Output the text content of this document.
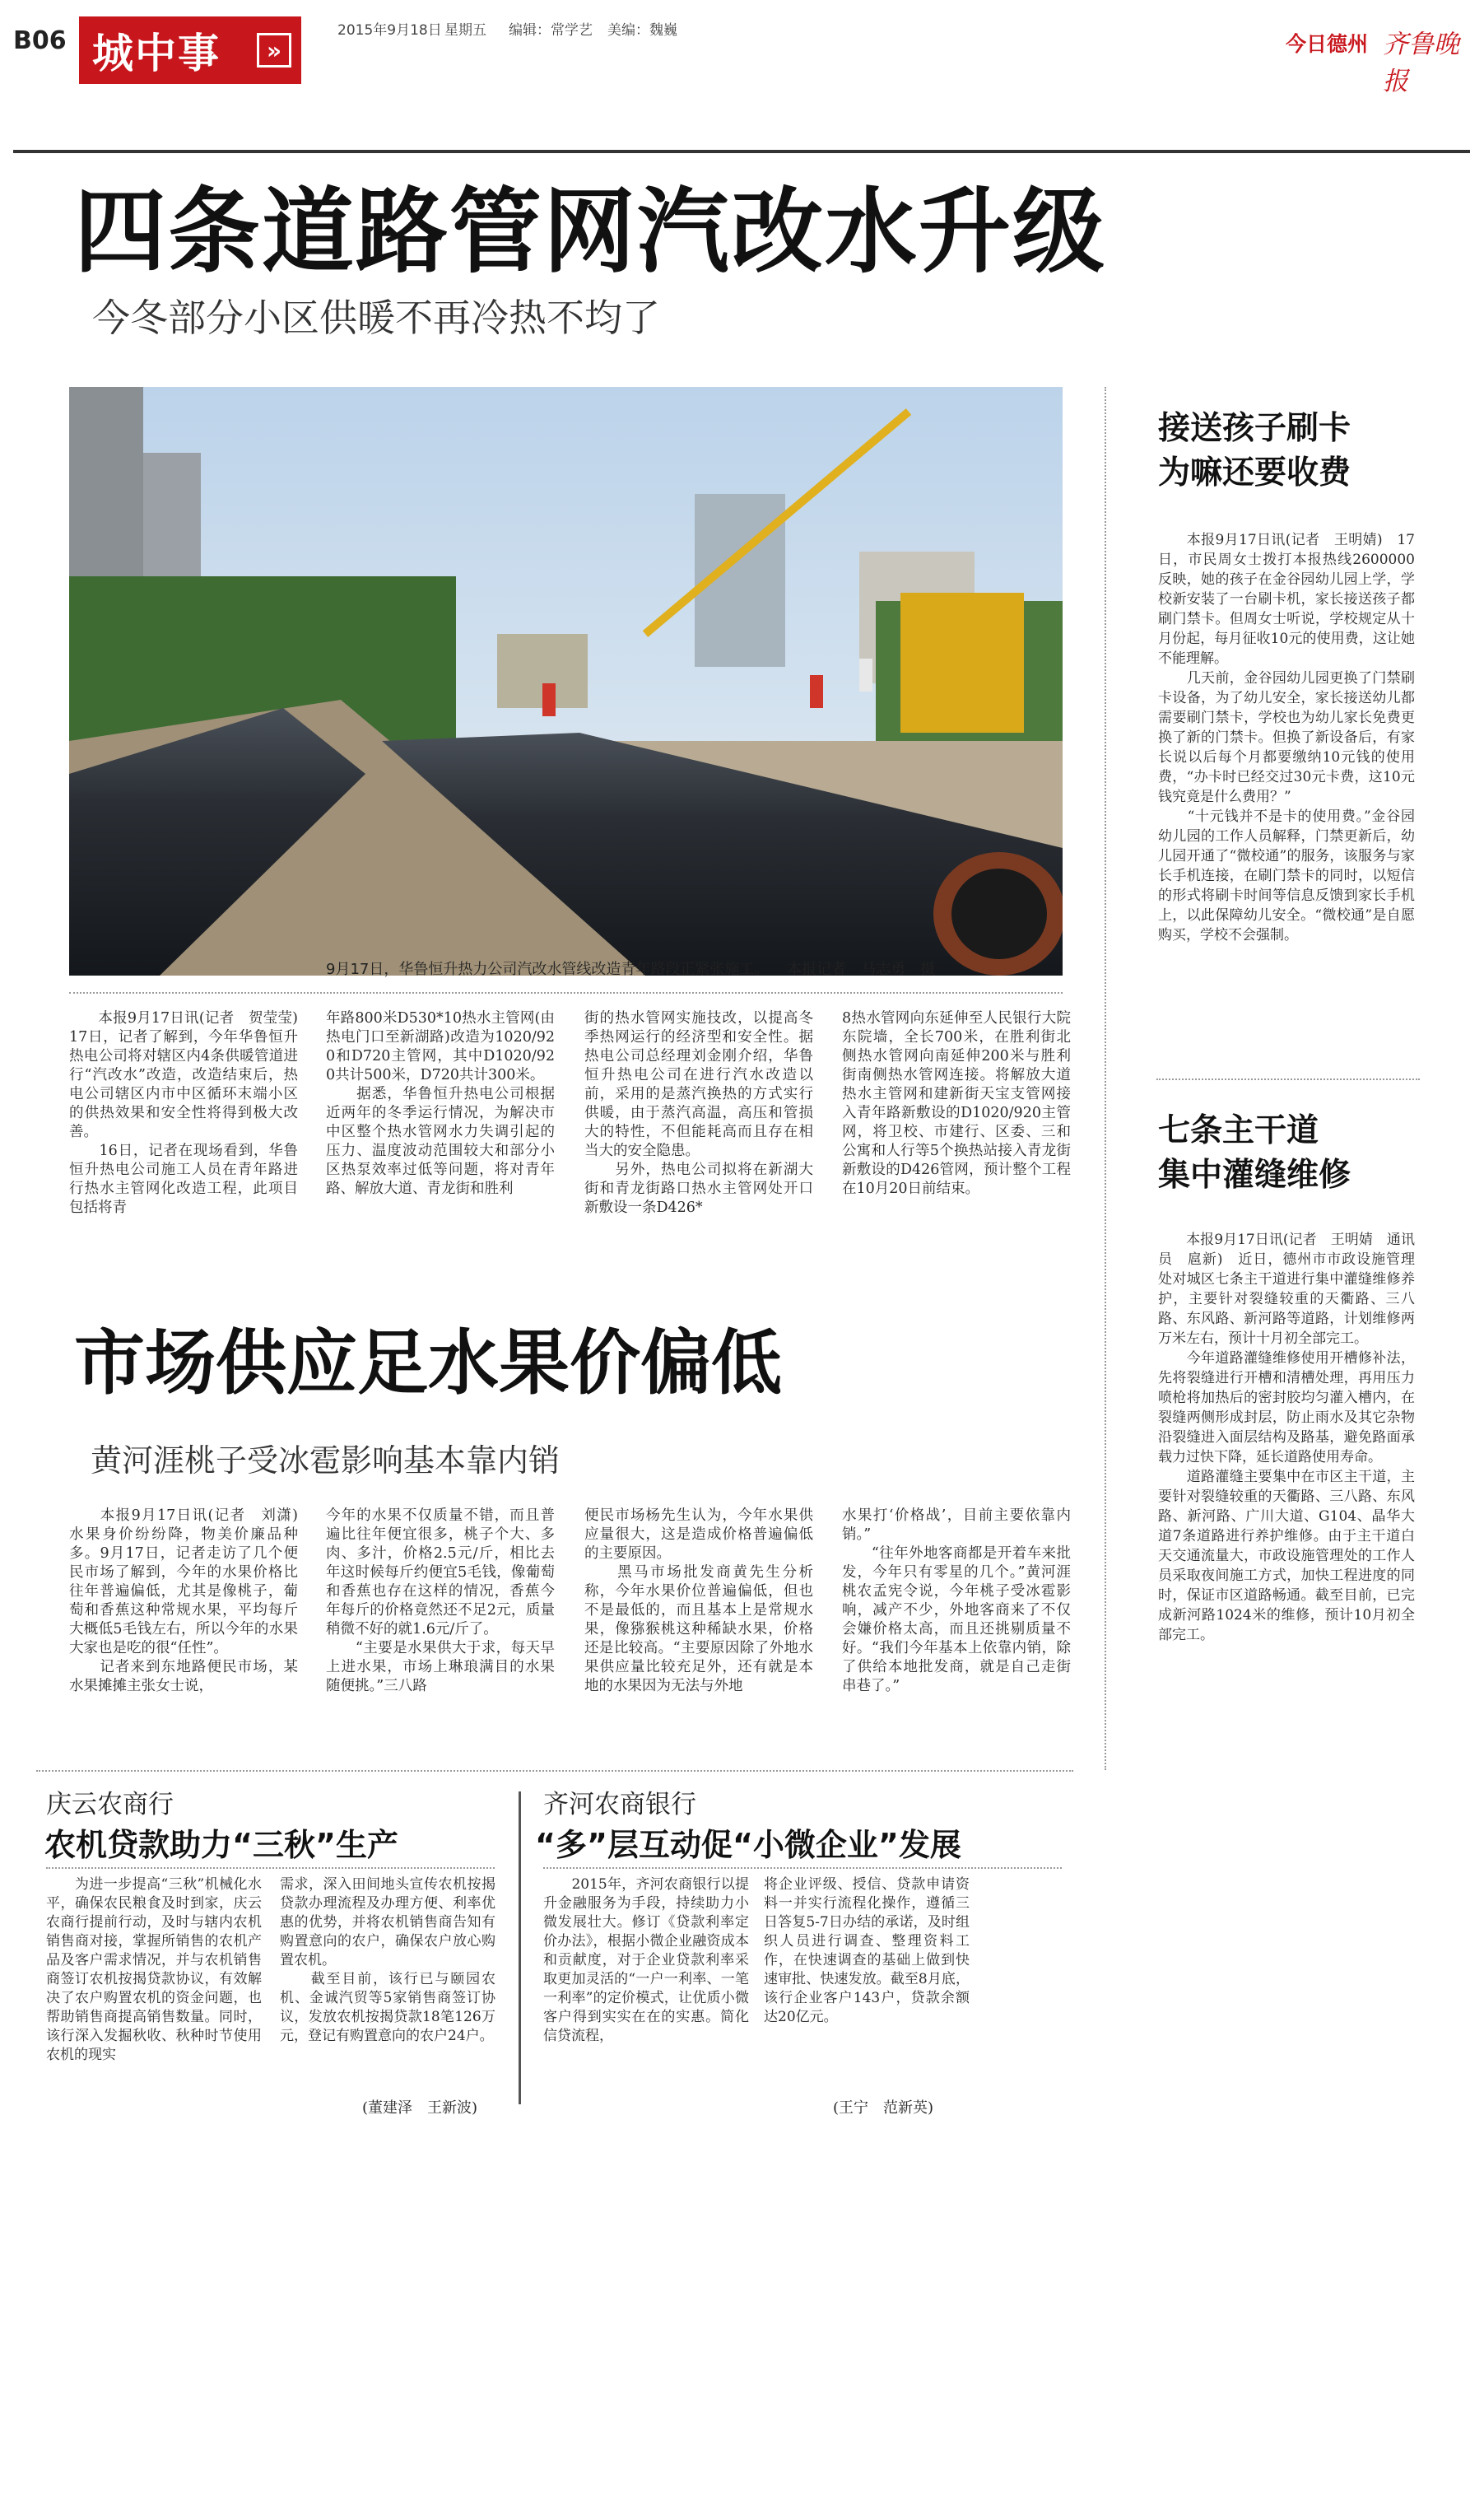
B06 城中事	»
2015年9月18日 星期五 编辑：常学艺 美编：魏巍
今日德州 齐鲁晚报
四条道路管网汽改水升级
今冬部分小区供暖不再冷热不均了
9月17日，华鲁恒升热力公司汽改水管线改造青年路段正紧张施工。 本报记者　马志勇　摄
　　本报9月17日讯(记者　贺莹莹)　17日，记者了解到，今年华鲁恒升热电公司将对辖区内4条供暖管道进行“汽改水”改造，改造结束后，热电公司辖区内市中区循环末端小区的供热效果和安全性将得到极大改善。
　　16日，记者在现场看到，华鲁恒升热电公司施工人员在青年路进行热水主管网化改造工程，此项目包括将青
年路800米D530*10热水主管网(由热电门口至新湖路)改造为1020/920和D720主管网，其中D1020/920共计500米，D720共计300米。
　　据悉，华鲁恒升热电公司根据近两年的冬季运行情况，为解决市中区整个热水管网水力失调引起的压力、温度波动范围较大和部分小区热泵效率过低等问题，将对青年路、解放大道、青龙街和胜利
街的热水管网实施技改，以提高冬季热网运行的经济型和安全性。据热电公司总经理刘金刚介绍，华鲁恒升热电公司在进行汽水改造以前，采用的是蒸汽换热的方式实行供暖，由于蒸汽高温，高压和管损大的特性，不但能耗高而且存在相当大的安全隐患。
　　另外，热电公司拟将在新湖大街和青龙街路口热水主管网处开口新敷设一条D426*
8热水管网向东延伸至人民银行大院东院墙，全长700米，在胜利街北侧热水管网向南延伸200米与胜利街南侧热水管网连接。将解放大道热水主管网和建新街天宝支管网接入青年路新敷设的D1020/920主管网，将卫校、市建行、区委、三和公寓和人行等5个换热站接入青龙街新敷设的D426管网，预计整个工程在10月20日前结束。
市场供应足水果价偏低
黄河涯桃子受冰雹影响基本靠内销
　　本报9月17日讯(记者　刘潇)　水果身价纷纷降，物美价廉品种多。9月17日，记者走访了几个便民市场了解到，今年的水果价格比往年普遍偏低，尤其是像桃子，葡萄和香蕉这种常规水果，平均每斤大概低5毛钱左右，所以今年的水果大家也是吃的很“任性”。
　　记者来到东地路便民市场，某水果摊摊主张女士说，
今年的水果不仅质量不错，而且普遍比往年便宜很多，桃子个大、多肉、多汁，价格2.5元/斤，相比去年这时候每斤约便宜5毛钱，像葡萄和香蕉也存在这样的情况，香蕉今年每斤的价格竟然还不足2元，质量稍微不好的就1.6元/斤了。
　　“主要是水果供大于求，每天早上进水果，市场上琳琅满目的水果随便挑。”三八路
便民市场杨先生认为，今年水果供应量很大，这是造成价格普遍偏低的主要原因。
　　黑马市场批发商黄先生分析称，今年水果价位普遍偏低，但也不是最低的，而且基本上是常规水果，像猕猴桃这种稀缺水果，价格还是比较高。“主要原因除了外地水果供应量比较充足外，还有就是本地的水果因为无法与外地
水果打‘价格战’，目前主要依靠内销。”
　　“往年外地客商都是开着车来批发，今年只有零星的几个。”黄河涯桃农孟宪令说，今年桃子受冰雹影响，减产不少，外地客商来了不仅会嫌价格太高，而且还挑剔质量不好。“我们今年基本上依靠内销，除了供给本地批发商，就是自己走街串巷了。”
接送孩子刷卡
为嘛还要收费
　　本报9月17日讯(记者　王明婧)　17日，市民周女士拨打本报热线2600000反映，她的孩子在金谷园幼儿园上学，学校新安装了一台刷卡机，家长接送孩子都刷门禁卡。但周女士听说，学校规定从十月份起，每月征收10元的使用费，这让她不能理解。
　　几天前，金谷园幼儿园更换了门禁刷卡设备，为了幼儿安全，家长接送幼儿都需要刷门禁卡，学校也为幼儿家长免费更换了新的门禁卡。但换了新设备后，有家长说以后每个月都要缴纳10元钱的使用费，“办卡时已经交过30元卡费，这10元钱究竟是什么费用？”
　　“十元钱并不是卡的使用费。”金谷园幼儿园的工作人员解释，门禁更新后，幼儿园开通了“微校通”的服务，该服务与家长手机连接，在刷门禁卡的同时，以短信的形式将刷卡时间等信息反馈到家长手机上，以此保障幼儿安全。“微校通”是自愿购买，学校不会强制。
七条主干道
集中灌缝维修
　　本报9月17日讯(记者　王明婧　通讯员　扈新)　近日，德州市市政设施管理处对城区七条主干道进行集中灌缝维修养护，主要针对裂缝较重的天衢路、三八路、东风路、新河路等道路，计划维修两万米左右，预计十月初全部完工。
　　今年道路灌缝维修使用开槽修补法，先将裂缝进行开槽和清槽处理，再用压力喷枪将加热后的密封胶均匀灌入槽内，在裂缝两侧形成封层，防止雨水及其它杂物沿裂缝进入面层结构及路基，避免路面承载力过快下降，延长道路使用寿命。
　　道路灌缝主要集中在市区主干道，主要针对裂缝较重的天衢路、三八路、东风路、新河路、广川大道、G104、晶华大道7条道路进行养护维修。由于主干道白天交通流量大，市政设施管理处的工作人员采取夜间施工方式，加快工程进度的同时，保证市区道路畅通。截至目前，已完成新河路1024米的维修，预计10月初全部完工。
庆云农商行
农机贷款助力“三秋”生产
　　为进一步提高“三秋”机械化水平，确保农民粮食及时到家，庆云农商行提前行动，及时与辖内农机销售商对接，掌握所销售的农机产品及客户需求情况，并与农机销售商签订农机按揭贷款协议，有效解决了农户购置农机的资金问题，也帮助销售商提高销售数量。同时，该行深入发掘秋收、秋种时节使用农机的现实
需求，深入田间地头宣传农机按揭贷款办理流程及办理方便、利率优惠的优势，并将农机销售商告知有购置意向的农户，确保农户放心购置农机。
　　截至目前，该行已与颐园农机、金诚汽贸等5家销售商签订协议，发放农机按揭贷款18笔126万元，登记有购置意向的农户24户。
(董建泽　王新波)
齐河农商银行
“多”层互动促“小微企业”发展
　　2015年，齐河农商银行以提升金融服务为手段，持续助力小微发展壮大。修订《贷款利率定价办法》，根据小微企业融资成本和贡献度，对于企业贷款利率采取更加灵活的“一户一利率、一笔一利率”的定价模式，让优质小微客户得到实实在在的实惠。简化信贷流程，
将企业评级、授信、贷款申请资料一并实行流程化操作，遵循三日答复5-7日办结的承诺，及时组织人员进行调查、整理资料工作，在快速调查的基础上做到快速审批、快速发放。截至8月底，该行企业客户143户，贷款余额达20亿元。
(王宁　范新英)
